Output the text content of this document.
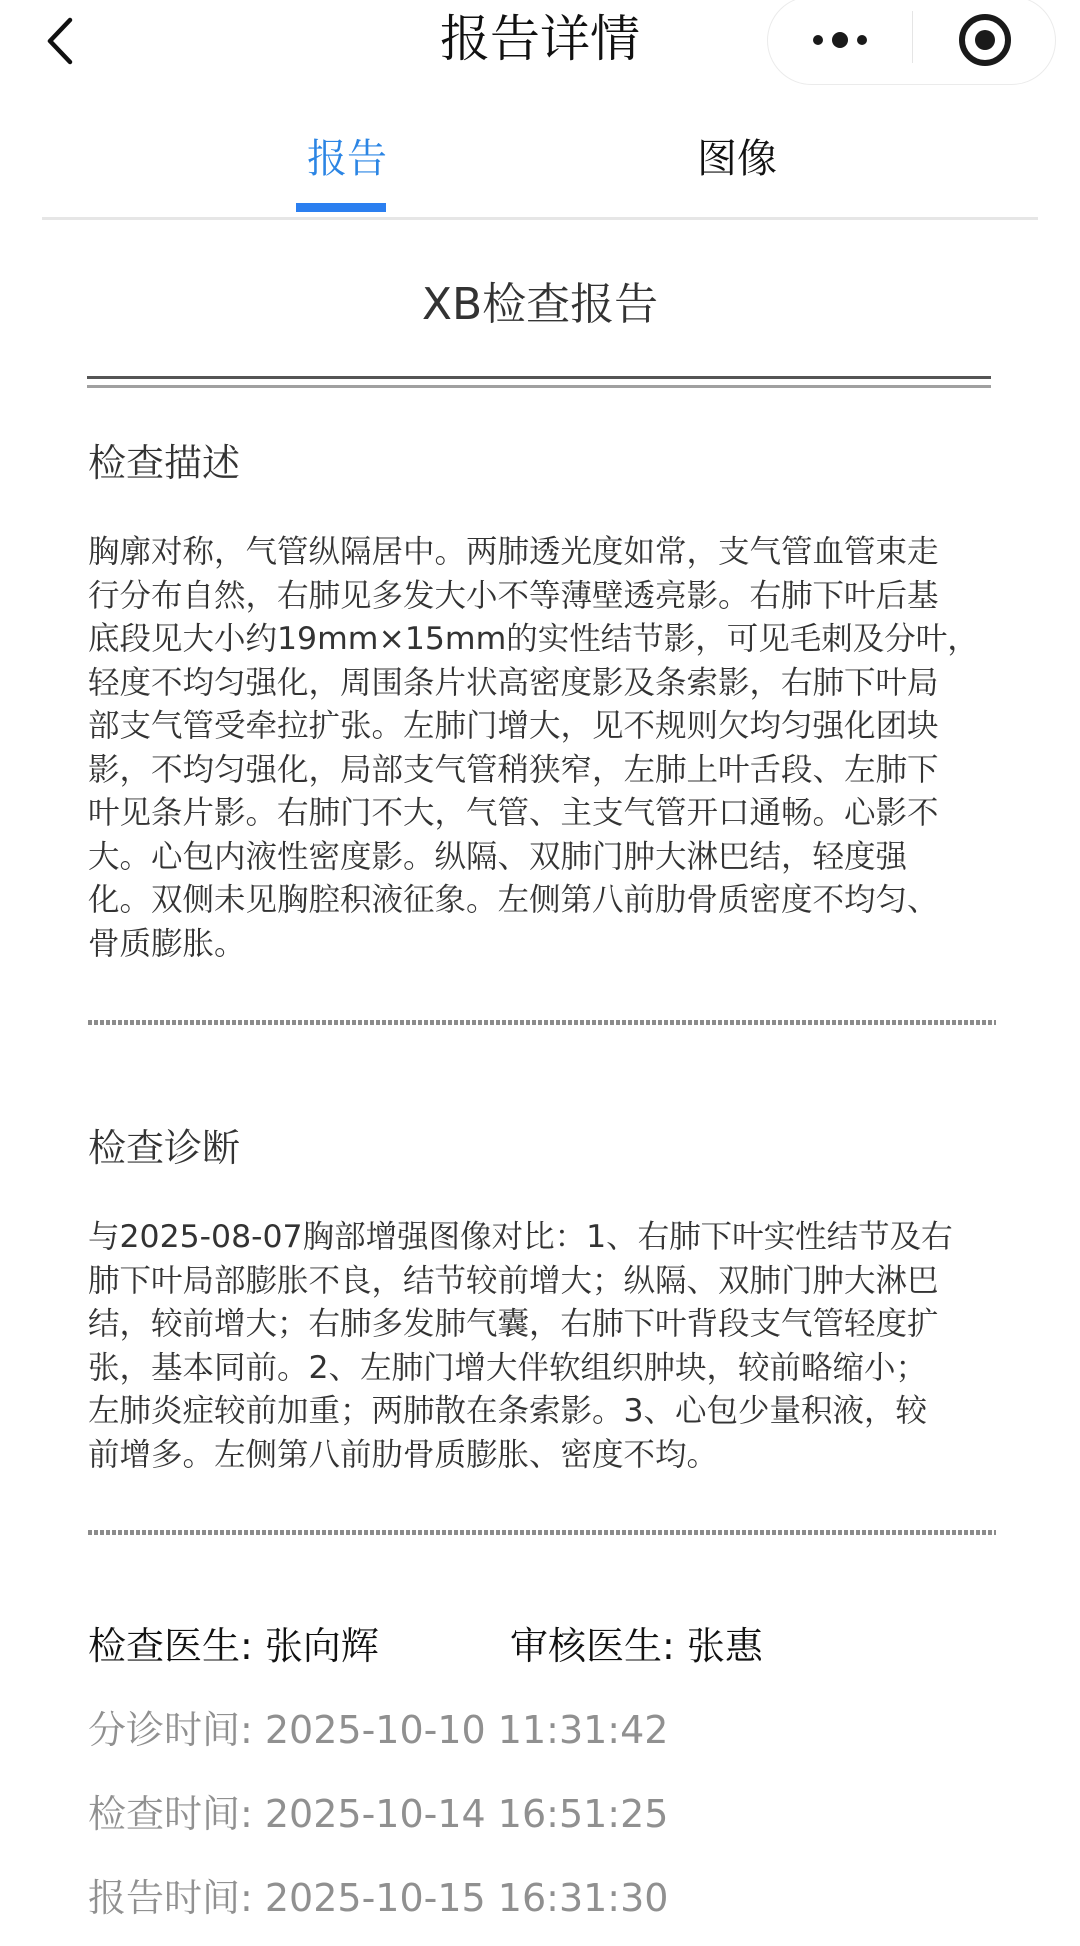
报告详情
报告	图像
XB检查报告
检查描述
胸廓对称，气管纵隔居中。两肺透光度如常，支气管血管束走
行分布自然，右肺见多发大小不等薄壁透亮影。右肺下叶后基
底段见大小约19mm×15mm的实性结节影，可见毛刺及分叶，
轻度不均匀强化，周围条片状高密度影及条索影，右肺下叶局
部支气管受牵拉扩张。左肺门增大，见不规则欠均匀强化团块
影，不均匀强化，局部支气管稍狭窄，左肺上叶舌段、左肺下
叶见条片影。右肺门不大，气管、主支气管开口通畅。心影不
大。心包内液性密度影。纵隔、双肺门肿大淋巴结，轻度强
化。双侧未见胸腔积液征象。左侧第八前肋骨质密度不均匀、
骨质膨胀。
检查诊断
与2025-08-07胸部增强图像对比：1、右肺下叶实性结节及右
肺下叶局部膨胀不良，结节较前增大；纵隔、双肺门肿大淋巴
结，较前增大；右肺多发肺气囊，右肺下叶背段支气管轻度扩
张，基本同前。2、左肺门增大伴软组织肿块，较前略缩小；
左肺炎症较前加重；两肺散在条索影。3、心包少量积液，较
前增多。左侧第八前肋骨质膨胀、密度不均。
检查医生: 张向辉	审核医生: 张惠
分诊时间: 2025-10-10 11:31:42
检查时间: 2025-10-14 16:51:25
报告时间: 2025-10-15 16:31:30
